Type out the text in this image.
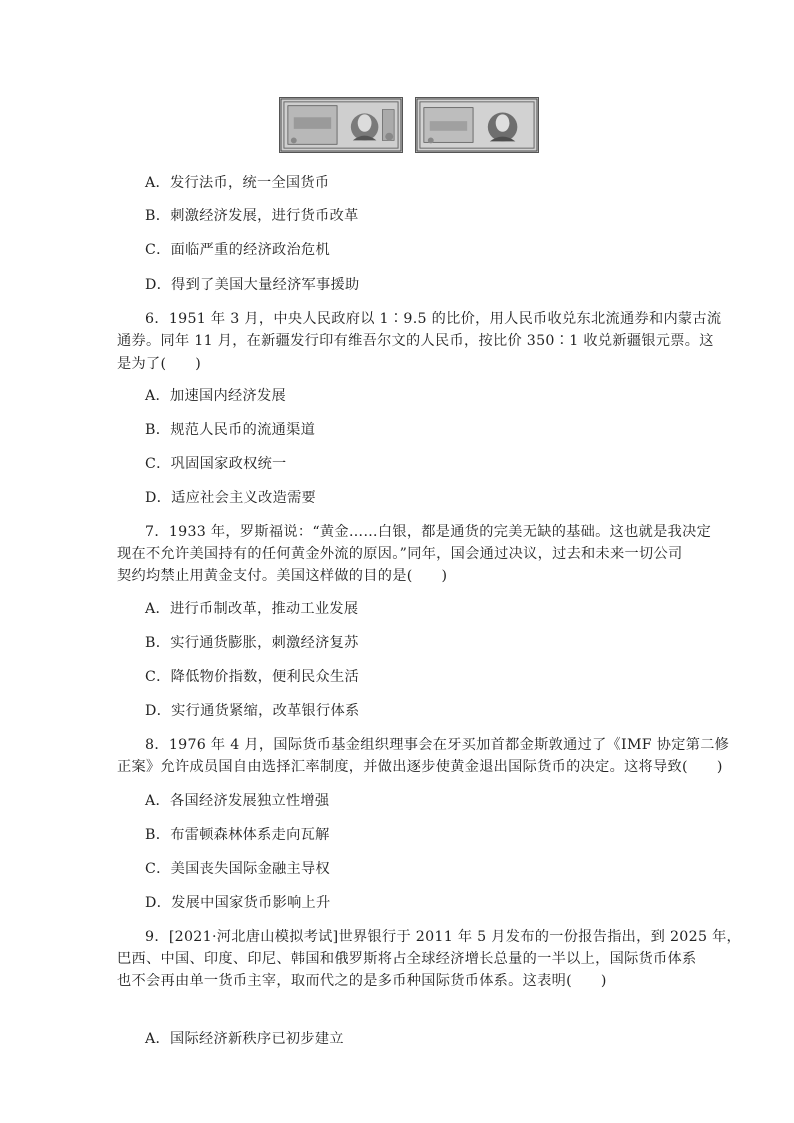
A．发行法币，统一全国货币
B．刺激经济发展，进行货币改革
C．面临严重的经济政治危机
D．得到了美国大量经济军事援助
6．1951 年 3 月，中央人民政府以 1∶9.5 的比价，用人民币收兑东北流通券和内蒙古流
通券。同年 11 月，在新疆发行印有维吾尔文的人民币，按比价 350∶1 收兑新疆银元票。这
是为了(　　)
A．加速国内经济发展
B．规范人民币的流通渠道
C．巩固国家政权统一
D．适应社会主义改造需要
7．1933 年，罗斯福说：“黄金……白银，都是通货的完美无缺的基础。这也就是我决定
现在不允许美国持有的任何黄金外流的原因。”同年，国会通过决议，过去和未来一切公司
契约均禁止用黄金支付。美国这样做的目的是(　　)
A．进行币制改革，推动工业发展
B．实行通货膨胀，刺激经济复苏
C．降低物价指数，便利民众生活
D．实行通货紧缩，改革银行体系
8．1976 年 4 月，国际货币基金组织理事会在牙买加首都金斯敦通过了《IMF 协定第二修
正案》允许成员国自由选择汇率制度，并做出逐步使黄金退出国际货币的决定。这将导致(　　)
A．各国经济发展独立性增强
B．布雷顿森林体系走向瓦解
C．美国丧失国际金融主导权
D．发展中国家货币影响上升
9．[2021·河北唐山模拟考试]世界银行于 2011 年 5 月发布的一份报告指出，到 2025 年，
巴西、中国、印度、印尼、韩国和俄罗斯将占全球经济增长总量的一半以上，国际货币体系
也不会再由单一货币主宰，取而代之的是多币种国际货币体系。这表明(　　)
A．国际经济新秩序已初步建立
